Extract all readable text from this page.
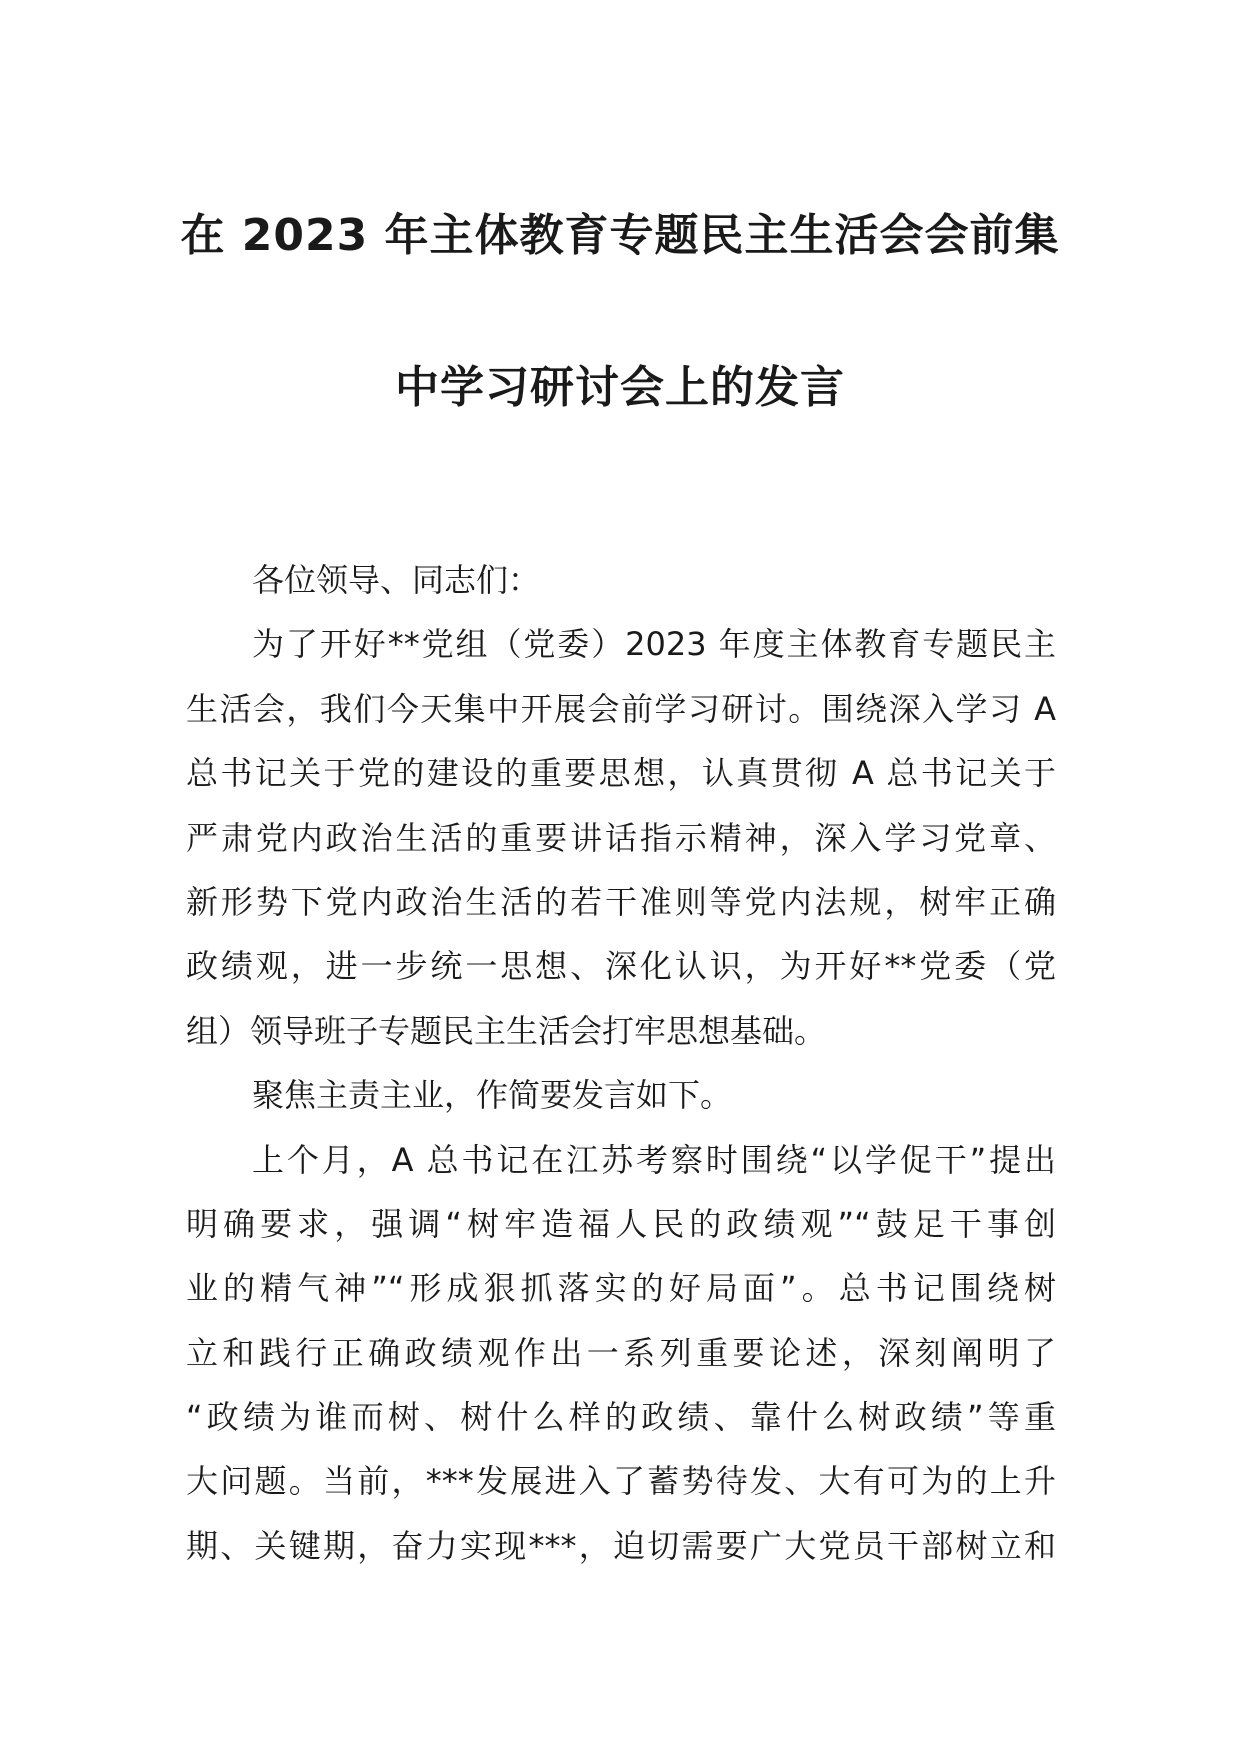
在 2023 年主体教育专题民主生活会会前集
中学习研讨会上的发言
各位领导、同志们：
为了开好**党组（党委）2023 年度主体教育专题民主
生活会，我们今天集中开展会前学习研讨。围绕深入学习 A
总书记关于党的建设的重要思想，认真贯彻 A 总书记关于
严肃党内政治生活的重要讲话指示精神，深入学习党章、
新形势下党内政治生活的若干准则等党内法规，树牢正确
政绩观，进一步统一思想、深化认识，为开好**党委（党
组）领导班子专题民主生活会打牢思想基础。
聚焦主责主业，作简要发言如下。
上个月，A 总书记在江苏考察时围绕“以学促干”提出
明确要求，强调“树牢造福人民的政绩观”“鼓足干事创
业的精气神”“形成狠抓落实的好局面”。总书记围绕树
立和践行正确政绩观作出一系列重要论述，深刻阐明了
“政绩为谁而树、树什么样的政绩、靠什么树政绩”等重
大问题。当前，***发展进入了蓄势待发、大有可为的上升
期、关键期，奋力实现***，迫切需要广大党员干部树立和
